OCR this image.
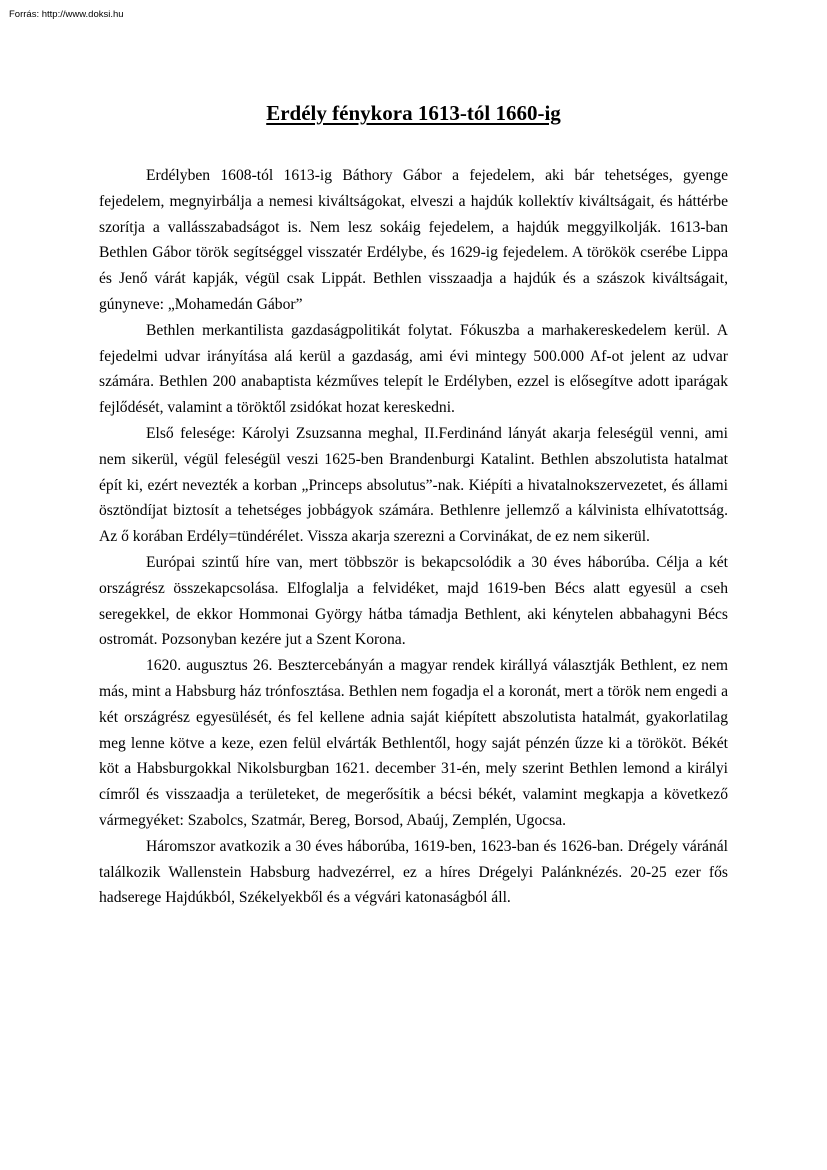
Forrás: http://www.doksi.hu
Erdély fénykora 1613-tól 1660-ig

Erdélyben 1608-tól 1613-ig Báthory Gábor a fejedelem, aki bár tehetséges, gyenge fejedelem, megnyirbálja a nemesi kiváltságokat, elveszi a hajdúk kollektív kiváltságait, és háttérbe szorítja a vallásszabadságot is. Nem lesz sokáig fejedelem, a hajdúk meggyilkolják. 1613-ban Bethlen Gábor török segítséggel visszatér Erdélybe, és 1629-ig fejedelem. A törökök cserébe Lippa és Jenő várát kapják, végül csak Lippát. Bethlen visszaadja a hajdúk és a szászok kiváltságait, gúnyneve: „Mohamedán Gábor”

Bethlen merkantilista gazdaságpolitikát folytat. Fókuszba a marhakereskedelem kerül. A fejedelmi udvar irányítása alá kerül a gazdaság, ami évi mintegy 500.000 Af-ot jelent az udvar számára. Bethlen 200 anabaptista kézműves telepít le Erdélyben, ezzel is elősegítve adott iparágak fejlődését, valamint a töröktől zsidókat hozat kereskedni.

Első felesége: Károlyi Zsuzsanna meghal, II.Ferdinánd lányát akarja feleségül venni, ami nem sikerül, végül feleségül veszi 1625-ben Brandenburgi Katalint. Bethlen abszolutista hatalmat épít ki, ezért nevezték a korban „Princeps absolutus”-nak. Kiépíti a hivatalnokszervezetet, és állami ösztöndíjat biztosít a tehetséges jobbágyok számára. Bethlenre jellemző a kálvinista elhívatottság. Az ő korában Erdély=tündérélet. Vissza akarja szerezni a Corvinákat, de ez nem sikerül.

Európai szintű híre van, mert többször is bekapcsolódik a 30 éves háborúba. Célja a két országrész összekapcsolása. Elfoglalja a felvidéket, majd 1619-ben Bécs alatt egyesül a cseh seregekkel, de ekkor Hommonai György hátba támadja Bethlent, aki kénytelen abbahagyni Bécs ostromát. Pozsonyban kezére jut a Szent Korona.

1620. augusztus 26. Besztercebányán a magyar rendek királlyá választják Bethlent, ez nem más, mint a Habsburg ház trónfosztása. Bethlen nem fogadja el a koronát, mert a török nem engedi a két országrész egyesülését, és fel kellene adnia saját kiépített abszolutista hatalmát, gyakorlatilag meg lenne kötve a keze, ezen felül elvárták Bethlentől, hogy saját pénzén űzze ki a törököt. Békét köt a Habsburgokkal Nikolsburgban 1621. december 31-én, mely szerint Bethlen lemond a királyi címről és visszaadja a területeket, de megerősítik a bécsi békét, valamint megkapja a következő vármegyéket: Szabolcs, Szatmár, Bereg, Borsod, Abaúj, Zemplén, Ugocsa.

Háromszor avatkozik a 30 éves háborúba, 1619-ben, 1623-ban és 1626-ban. Drégely váránál találkozik Wallenstein Habsburg hadvezérrel, ez a híres Drégelyi Palánknézés. 20-25 ezer fős hadserege Hajdúkból, Székelyekből és a végvári katonaságból áll.
